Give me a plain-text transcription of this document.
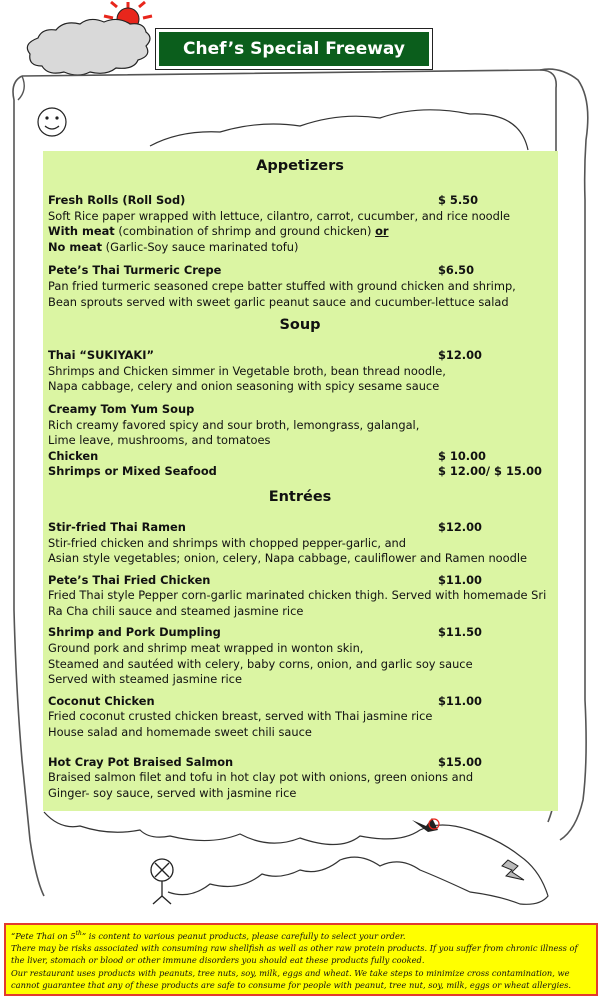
Chef’s Special Freeway
Appetizers
Fresh Rolls (Roll Sod)	$ 5.50
Soft Rice paper wrapped with lettuce, cilantro, carrot, cucumber, and rice noodle
With meat (combination of shrimp and ground chicken) or
No meat (Garlic-Soy sauce marinated tofu)
Pete’s Thai Turmeric Crepe	$6.50
Pan fried turmeric seasoned crepe batter stuffed with ground chicken and shrimp,
Bean sprouts served with sweet garlic peanut sauce and cucumber-lettuce salad
Soup
Thai “SUKIYAKI”	$12.00
Shrimps and Chicken simmer in Vegetable broth, bean thread noodle,
Napa cabbage, celery and onion seasoning with spicy sesame sauce
Creamy Tom Yum Soup
Rich creamy favored spicy and sour broth, lemongrass, galangal,
Lime leave, mushrooms, and tomatoes
Chicken	$ 10.00
Shrimps or Mixed Seafood	$ 12.00/ $ 15.00
Entrées
Stir-fried Thai Ramen	$12.00
Stir-fried chicken and shrimps with chopped pepper-garlic, and
Asian style vegetables; onion, celery, Napa cabbage, cauliflower and Ramen noodle
Pete’s Thai Fried Chicken	$11.00
Fried Thai style Pepper corn-garlic marinated chicken thigh. Served with homemade Sri
Ra Cha chili sauce and steamed jasmine rice
Shrimp and Pork Dumpling	$11.50
Ground pork and shrimp meat wrapped in wonton skin,
Steamed and sautéed with celery, baby corns, onion, and garlic soy sauce
Served with steamed jasmine rice
Coconut Chicken	$11.00
Fried coconut crusted chicken breast, served with Thai jasmine rice
House salad and homemade sweet chili sauce
Hot Cray Pot Braised Salmon	$15.00
Braised salmon filet and tofu in hot clay pot with onions, green onions and
Ginger- soy sauce, served with jasmine rice
“Pete Thai on 5th” is content to various peanut products, please carefully to select your order.
There may be risks associated with consuming raw shellfish as well as other raw protein products. If you suffer from chronic illness of the liver, stomach or blood or other immune disorders you should eat these products fully cooked.
Our restaurant uses products with peanuts, tree nuts, soy, milk, eggs and wheat. We take steps to minimize cross contamination, we cannot guarantee that any of these products are safe to consume for people with peanut, tree nut, soy, milk, eggs or wheat allergies.
